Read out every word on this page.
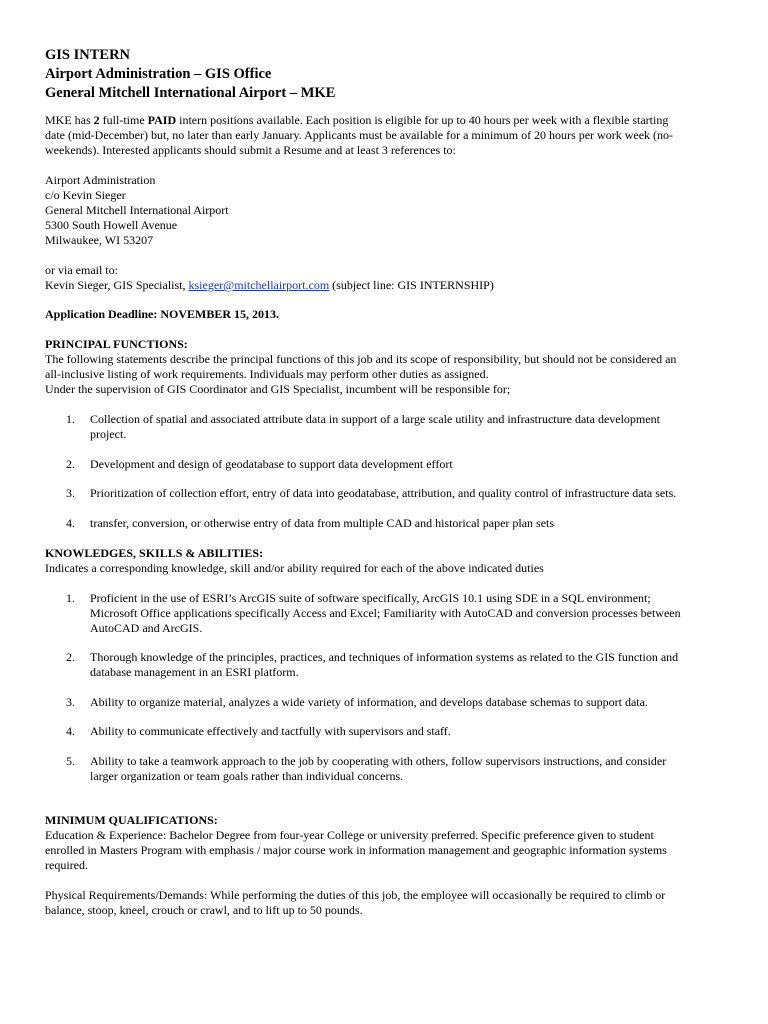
GIS INTERN
Airport Administration – GIS Office
General Mitchell International Airport – MKE
MKE has 2 full-time PAID intern positions available. Each position is eligible for up to 40 hours per week with a flexible starting
date (mid-December) but, no later than early January. Applicants must be available for a minimum of 20 hours per work week (no-
weekends). Interested applicants should submit a Resume and at least 3 references to:
Airport Administration
c/o Kevin Sieger
General Mitchell International Airport
5300 South Howell Avenue
Milwaukee, WI 53207
or via email to:
Kevin Sieger, GIS Specialist, ksieger@mitchellairport.com (subject line: GIS INTERNSHIP)
Application Deadline: NOVEMBER 15, 2013.
PRINCIPAL FUNCTIONS:
The following statements describe the principal functions of this job and its scope of responsibility, but should not be considered an
all-inclusive listing of work requirements. Individuals may perform other duties as assigned.
Under the supervision of GIS Coordinator and GIS Specialist, incumbent will be responsible for;
1. Collection of spatial and associated attribute data in support of a large scale utility and infrastructure data development
project.
2. Development and design of geodatabase to support data development effort
3. Prioritization of collection effort, entry of data into geodatabase, attribution, and quality control of infrastructure data sets.
4. transfer, conversion, or otherwise entry of data from multiple CAD and historical paper plan sets
KNOWLEDGES, SKILLS & ABILITIES:
Indicates a corresponding knowledge, skill and/or ability required for each of the above indicated duties
1. Proficient in the use of ESRI’s ArcGIS suite of software specifically, ArcGIS 10.1 using SDE in a SQL environment;
Microsoft Office applications specifically Access and Excel; Familiarity with AutoCAD and conversion processes between
AutoCAD and ArcGIS.
2. Thorough knowledge of the principles, practices, and techniques of information systems as related to the GIS function and
database management in an ESRI platform.
3. Ability to organize material, analyzes a wide variety of information, and develops database schemas to support data.
4. Ability to communicate effectively and tactfully with supervisors and staff.
5. Ability to take a teamwork approach to the job by cooperating with others, follow supervisors instructions, and consider
larger organization or team goals rather than individual concerns.
MINIMUM QUALIFICATIONS:
Education & Experience: Bachelor Degree from four-year College or university preferred. Specific preference given to student
enrolled in Masters Program with emphasis / major course work in information management and geographic information systems
required.
Physical Requirements/Demands: While performing the duties of this job, the employee will occasionally be required to climb or
balance, stoop, kneel, crouch or crawl, and to lift up to 50 pounds.
